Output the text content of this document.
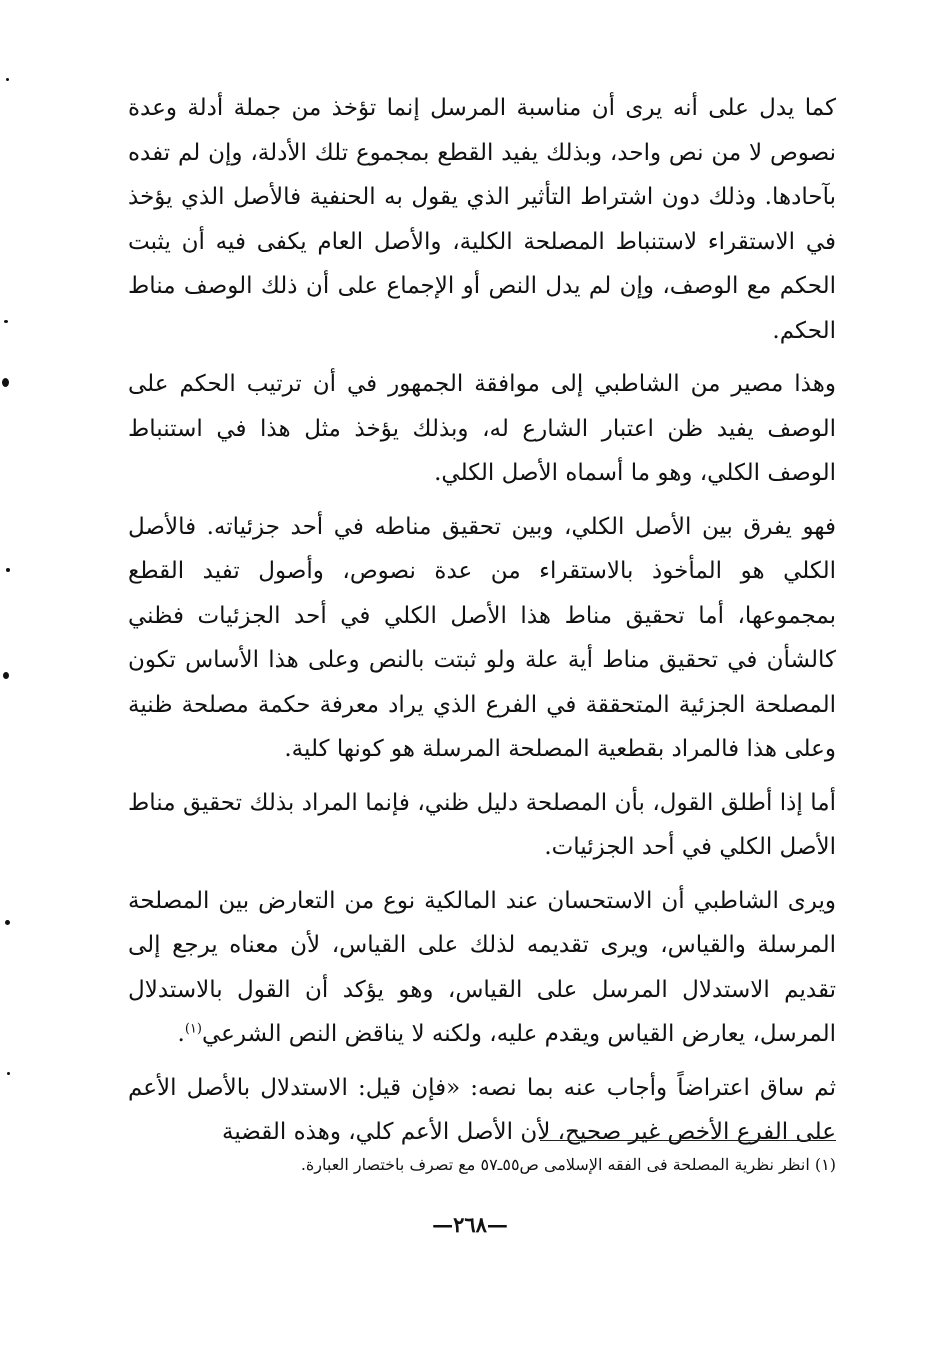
كما يدل على أنه يرى أن مناسبة المرسل إنما تؤخذ من جملة أدلة وعدة نصوص لا من نص واحد، وبذلك يفيد القطع بمجموع تلك الأدلة، وإن لم تفده بآحادها. وذلك دون اشتراط التأثير الذي يقول به الحنفية فالأصل الذي يؤخذ في الاستقراء لاستنباط المصلحة الكلية، والأصل العام يكفى فيه أن يثبت الحكم مع الوصف، وإن لم يدل النص أو الإجماع على أن ذلك الوصف مناط الحكم.

وهذا مصير من الشاطبي إلى موافقة الجمهور في أن ترتيب الحكم على الوصف يفيد ظن اعتبار الشارع له، وبذلك يؤخذ مثل هذا في استنباط الوصف الكلي، وهو ما أسماه الأصل الكلي.

فهو يفرق بين الأصل الكلي، وبين تحقيق مناطه في أحد جزئياته. فالأصل الكلي هو المأخوذ بالاستقراء من عدة نصوص، وأصول تفيد القطع بمجموعها، أما تحقيق مناط هذا الأصل الكلي في أحد الجزئيات فظني كالشأن في تحقيق مناط أية علة ولو ثبتت بالنص وعلى هذا الأساس تكون المصلحة الجزئية المتحققة في الفرع الذي يراد معرفة حكمة مصلحة ظنية وعلى هذا فالمراد بقطعية المصلحة المرسلة هو كونها كلية.

أما إذا أطلق القول، بأن المصلحة دليل ظني، فإنما المراد بذلك تحقيق مناط الأصل الكلي في أحد الجزئيات.

ويرى الشاطبي أن الاستحسان عند المالكية نوع من التعارض بين المصلحة المرسلة والقياس، ويرى تقديمه لذلك على القياس، لأن معناه يرجع إلى تقديم الاستدلال المرسل على القياس، وهو يؤكد أن القول بالاستدلال المرسل، يعارض القياس ويقدم عليه، ولكنه لا يناقض النص الشرعي$^{(١)}$.

ثم ساق اعتراضاً وأجاب عنه بما نصه: «فإن قيل: الاستدلال بالأصل الأعم على الفرع الأخص غير صحيح، لأن الأصل الأعم كلي، وهذه القضية

(١) انظر نظرية المصلحة فى الفقه الإسلامى ص٥٥ـ٥٧ مع تصرف باختصار العبارة.
—٢٦٨—
